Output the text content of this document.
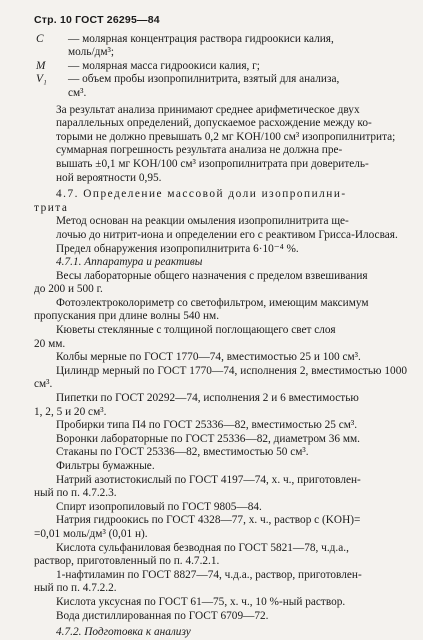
Стр. 10 ГОСТ 26295—84
C	— молярная концентрация раствора гидроокиси калия,
моль/дм³;
M	— молярная масса гидроокиси калия, г;
V₁	— объем пробы изопропилнитрита, взятый для анализа,
см³.
За результат анализа принимают среднее арифметическое двух
параллельных определений, допускаемое расхождение между ко-
торыми не должно превышать 0,2 мг KOH/100 см³ изопропилнитрита;
суммарная погрешность результата анализа не должна пре-
вышать ±0,1 мг KOH/100 см³ изопропилнитрата при доверитель-
ной вероятности 0,95.
4.7. Определение массовой доли изопропилни-
трита
Метод основан на реакции омыления изопропилнитрита ще-
лочью до нитрит-иона и определении его с реактивом Грисса-Илосвая.
Предел обнаружения изопропилнитрита 6·10⁻⁴ %.
4.7.1. Аппаратура и реактивы
Весы лабораторные общего назначения с пределом взвешивания
до 200 и 500 г.
Фотоэлектроколориметр со светофильтром, имеющим максимум
пропускания при длине волны 540 нм.
Кюветы стеклянные с толщиной поглощающего свет слоя
20 мм.
Колбы мерные по ГОСТ 1770—74, вместимостью 25 и 100 см³.
Цилиндр мерный по ГОСТ 1770—74, исполнения 2, вместимостью 1000 см³.
Пипетки по ГОСТ 20292—74, исполнения 2 и 6 вместимостью
1, 2, 5 и 20 см³.
Пробирки типа П4 по ГОСТ 25336—82, вместимостью 25 см³.
Воронки лабораторные по ГОСТ 25336—82, диаметром 36 мм.
Стаканы по ГОСТ 25336—82, вместимостью 50 см³.
Фильтры бумажные.
Натрий азотистокислый по ГОСТ 4197—74, х. ч., приготовлен-
ный по п. 4.7.2.3.
Спирт изопропиловый по ГОСТ 9805—84.
Натрия гидроокись по ГОСТ 4328—77, х. ч., раствор c (KOH)=
=0,01 моль/дм³ (0,01 н).
Кислота сульфаниловая безводная по ГОСТ 5821—78, ч.д.а.,
раствор, приготовленный по п. 4.7.2.1.
1-нафтиламин по ГОСТ 8827—74, ч.д.а., раствор, приготовлен-
ный по п. 4.7.2.2.
Кислота уксусная по ГОСТ 61—75, х. ч., 10 %-ный раствор.
Вода дистиллированная по ГОСТ 6709—72.
4.7.2. Подготовка к анализу
